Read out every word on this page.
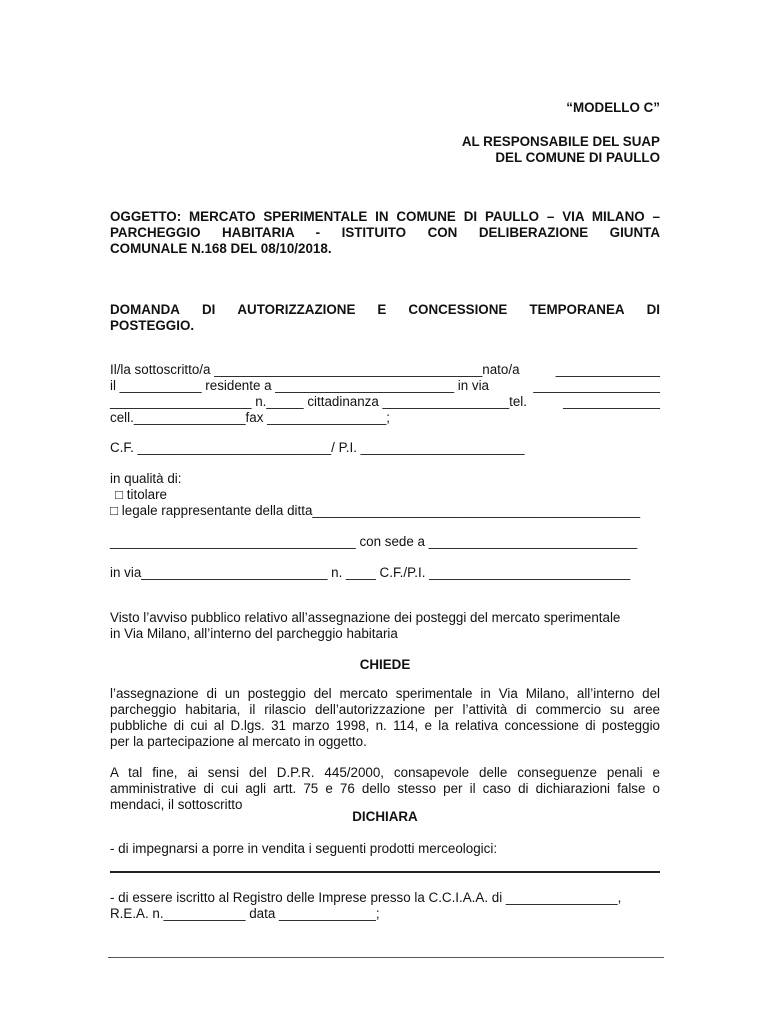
“MODELLO C”
AL RESPONSABILE DEL SUAP
DEL COMUNE DI PAULLO
OGGETTO: MERCATO SPERIMENTALE IN COMUNE DI PAULLO – VIA MILANO –
PARCHEGGIO HABITARIA - ISTITUITO CON DELIBERAZIONE GIUNTA
COMUNALE N.168 DEL 08/10/2018.
DOMANDA DI AUTORIZZAZIONE E CONCESSIONE TEMPORANEA DI
POSTEGGIO.
Il/la sottoscritto/a ____________________________________nato/a	______________
il ___________ residente a ________________________ in via	_________________
___________________ n._____ cittadinanza _________________tel.	_____________
cell._______________fax ________________;
C.F. __________________________/ P.I. ______________________
in qualità di:
□ titolare
□ legale rappresentante della ditta____________________________________________
_________________________________ con sede a ____________________________
in via_________________________ n. ____ C.F./P.I. ___________________________
Visto l’avviso pubblico relativo all’assegnazione dei posteggi del mercato sperimentale
in Via Milano, all’interno del parcheggio habitaria
CHIEDE
l’assegnazione di un posteggio del mercato sperimentale in Via Milano, all’interno del
parcheggio habitaria, il rilascio dell’autorizzazione per l’attività di commercio su aree
pubbliche di cui al D.lgs. 31 marzo 1998, n. 114, e la relativa concessione di posteggio
per la partecipazione al mercato in oggetto.
A tal fine, ai sensi del D.P.R. 445/2000, consapevole delle conseguenze penali e
amministrative di cui agli artt. 75 e 76 dello stesso per il caso di dichiarazioni false o
mendaci, il sottoscritto
DICHIARA
- di impegnarsi a porre in vendita i seguenti prodotti merceologici:
- di essere iscritto al Registro delle Imprese presso la C.C.I.A.A. di _______________,
R.E.A. n.___________ data _____________;
